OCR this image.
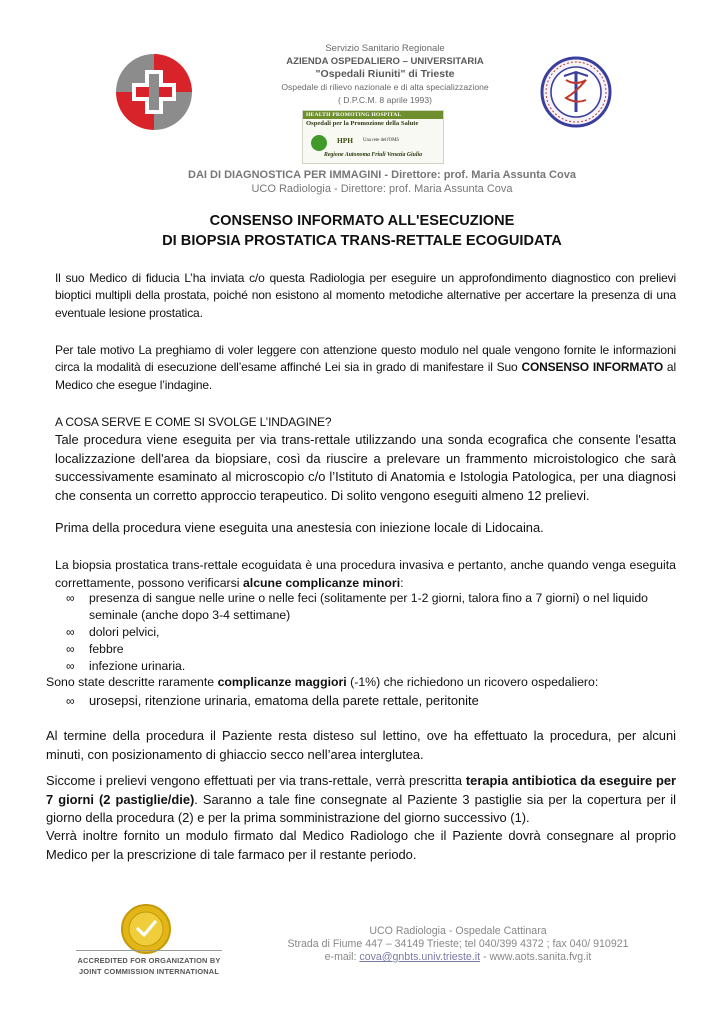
Servizio Sanitario Regionale
AZIENDA OSPEDALIERO – UNIVERSITARIA
"Ospedali Riuniti" di Trieste
Ospedale di rilievo nazionale e di alta specializzazione
( D.P.C.M. 8 aprile 1993)
HEALTH PROMOTING HOSPITAL
Ospedali per la Promozione della Salute
HPH Una rete dell'OMS
Regione Autonoma Friuli Venezia Giulia
DAI DI DIAGNOSTICA PER IMMAGINI - Direttore: prof. Maria Assunta Cova
UCO Radiologia - Direttore: prof. Maria Assunta Cova
CONSENSO INFORMATO ALL'ESECUZIONE
DI BIOPSIA PROSTATICA TRANS-RETTALE ECOGUIDATA
Il suo Medico di fiducia L’ha inviata c/o questa Radiologia per eseguire un approfondimento diagnostico con prelievi bioptici multipli della prostata, poiché non esistono al momento metodiche alternative per accertare la presenza di una eventuale lesione prostatica.
Per tale motivo La preghiamo di voler leggere con attenzione questo modulo nel quale vengono fornite le informazioni circa la modalità di esecuzione dell’esame affinché Lei sia in grado di manifestare il Suo CONSENSO INFORMATO al Medico che esegue l’indagine.
A COSA SERVE E COME SI SVOLGE L’INDAGINE?
Tale procedura viene eseguita per via trans-rettale utilizzando una sonda ecografica che consente l'esatta localizzazione dell'area da biopsiare, così da riuscire a prelevare un frammento microistologico che sarà successivamente esaminato al microscopio c/o l’Istituto di Anatomia e Istologia Patologica, per una diagnosi che consenta un corretto approccio terapeutico. Di solito vengono eseguiti almeno 12 prelievi.
Prima della procedura viene eseguita una anestesia con iniezione locale di Lidocaina.
La biopsia prostatica trans-rettale ecoguidata è una procedura invasiva e pertanto, anche quando venga eseguita correttamente, possono verificarsi alcune complicanze minori:
∞ presenza di sangue nelle urine o nelle feci (solitamente per 1-2 giorni, talora fino a 7 giorni) o nel liquido seminale (anche dopo 3-4 settimane)
∞ dolori pelvici,
∞ febbre
∞ infezione urinaria.
Sono state descritte raramente complicanze maggiori (-1%) che richiedono un ricovero ospedaliero:
∞ urosepsi, ritenzione urinaria, ematoma della parete rettale, peritonite
Al termine della procedura il Paziente resta disteso sul lettino, ove ha effettuato la procedura, per alcuni minuti, con posizionamento di ghiaccio secco nell’area interglutea.
Siccome i prelievi vengono effettuati per via trans-rettale, verrà prescritta terapia antibiotica da eseguire per 7 giorni (2 pastiglie/die). Saranno a tale fine consegnate al Paziente 3 pastiglie sia per la copertura per il giorno della procedura (2) e per la prima somministrazione del giorno successivo (1).
Verrà inoltre fornito un modulo firmato dal Medico Radiologo che il Paziente dovrà consegnare al proprio Medico per la prescrizione di tale farmaco per il restante periodo.
ACCREDITED FOR ORGANIZATION BY
JOINT COMMISSION INTERNATIONAL
UCO Radiologia - Ospedale Cattinara
Strada di Fiume 447 – 34149 Trieste; tel 040/399 4372 ; fax 040/ 910921
e-mail: cova@gnbts.univ.trieste.it - www.aots.sanita.fvg.it
